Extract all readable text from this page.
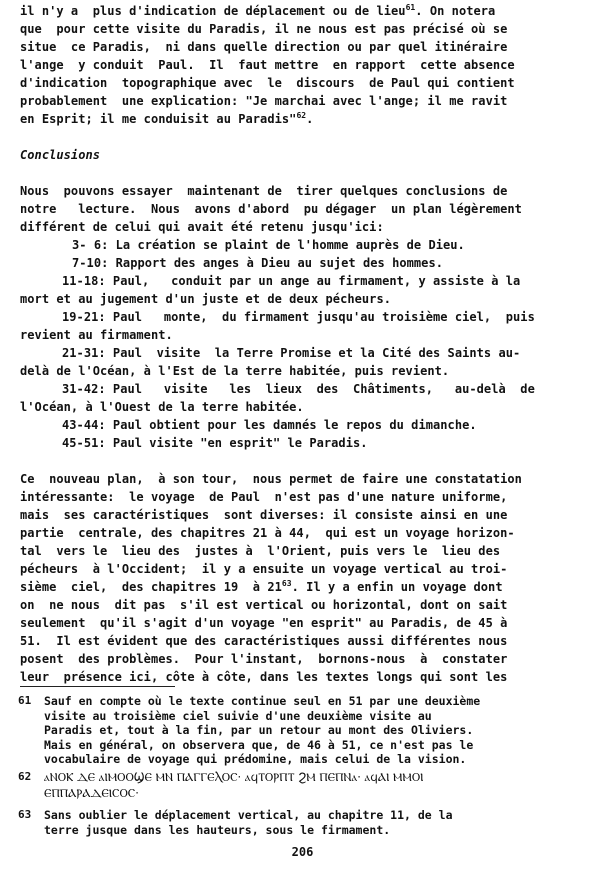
il n'y a  plus d'indication de déplacement ou de lieu$^{61}$. On notera
que  pour cette visite du Paradis, il ne nous est pas précisé où se
situe  ce Paradis,  ni dans quelle direction ou par quel itinéraire
l'ange  y conduit  Paul.  Il  faut mettre  en rapport  cette absence
d'indication  topographique avec  le  discours  de Paul qui contient
probablement  une explication: "Je marchai avec l'ange; il me ravit
en Esprit; il me conduisit au Paradis"$^{62}$.
Conclusions
Nous  pouvons essayer  maintenant de  tirer quelques conclusions de
notre   lecture.  Nous  avons d'abord  pu dégager  un plan légèrement
différent de celui qui avait été retenu jusqu'ici:
3- 6: La création se plaint de l'homme auprès de Dieu.
7-10: Rapport des anges à Dieu au sujet des hommes.
11-18: Paul,   conduit par un ange au firmament, y assiste à la
mort et au jugement d'un juste et de deux pécheurs.
19-21: Paul   monte,  du firmament jusqu'au troisième ciel,  puis
revient au firmament.
21-31: Paul  visite  la Terre Promise et la Cité des Saints au-
delà de l'Océan, à l'Est de la terre habitée, puis revient.
31-42: Paul   visite   les  lieux  des  Châtiments,   au-delà  de
l'Océan, à l'Ouest de la terre habitée.
43-44: Paul obtient pour les damnés le repos du dimanche.
45-51: Paul visite "en esprit" le Paradis.
Ce  nouveau plan,  à son tour,  nous permet de faire une constatation
intéressante:  le voyage  de Paul  n'est pas d'une nature uniforme,
mais  ses caractéristiques  sont diverses: il consiste ainsi en une
partie  centrale, des chapitres 21 à 44,  qui est un voyage horizon-
tal  vers le  lieu des  justes à  l'Orient, puis vers le  lieu des
pécheurs  à l'Occident;  il y a ensuite un voyage vertical au troi-
sième  ciel,  des chapitres 19  à $21^{63}$. Il y a enfin un voyage dont
on  ne nous  dit pas  s'il est vertical ou horizontal, dont on sait
seulement  qu'il s'agit d'un voyage "en esprit" au Paradis, de 45 à
51.  Il est évident que des caractéristiques aussi différentes nous
posent  des problèmes.  Pour l'instant,  bornons-nous  à  constater
leur  présence ici, côte à côte, dans les textes longs qui sont les
61 Sauf en compte où le texte continue seul en 51 par une deuxième
visite au troisième ciel suivie d'une deuxième visite au
Paradis et, tout à la fin, par un retour au mont des Oliviers.
Mais en général, on observera que, de 46 à 51, ce n'est pas le
vocabulaire de voyage qui prédomine, mais celui de la vision.
62 ⲁⲚⲞⲔ ⲆⲈ ⲁⲒⲘⲞⲞϢⲈ ⲘⲚ ⲠⲀⲄⲄⲈⲖⲞⲤ· ⲁϥⲦⲞⲢⲠⲦ ϨⲘ ⲠⲈⲠⲚⲁ· ⲁϥⲀⲒ ⲘⲘⲞⲒ
ⲈⲠⲠⲀⲢⲀⲆⲈⲒⲤⲞⲤ·
63 Sans oublier le déplacement vertical, au chapitre 11, de la
terre jusque dans les hauteurs, sous le firmament.
206
